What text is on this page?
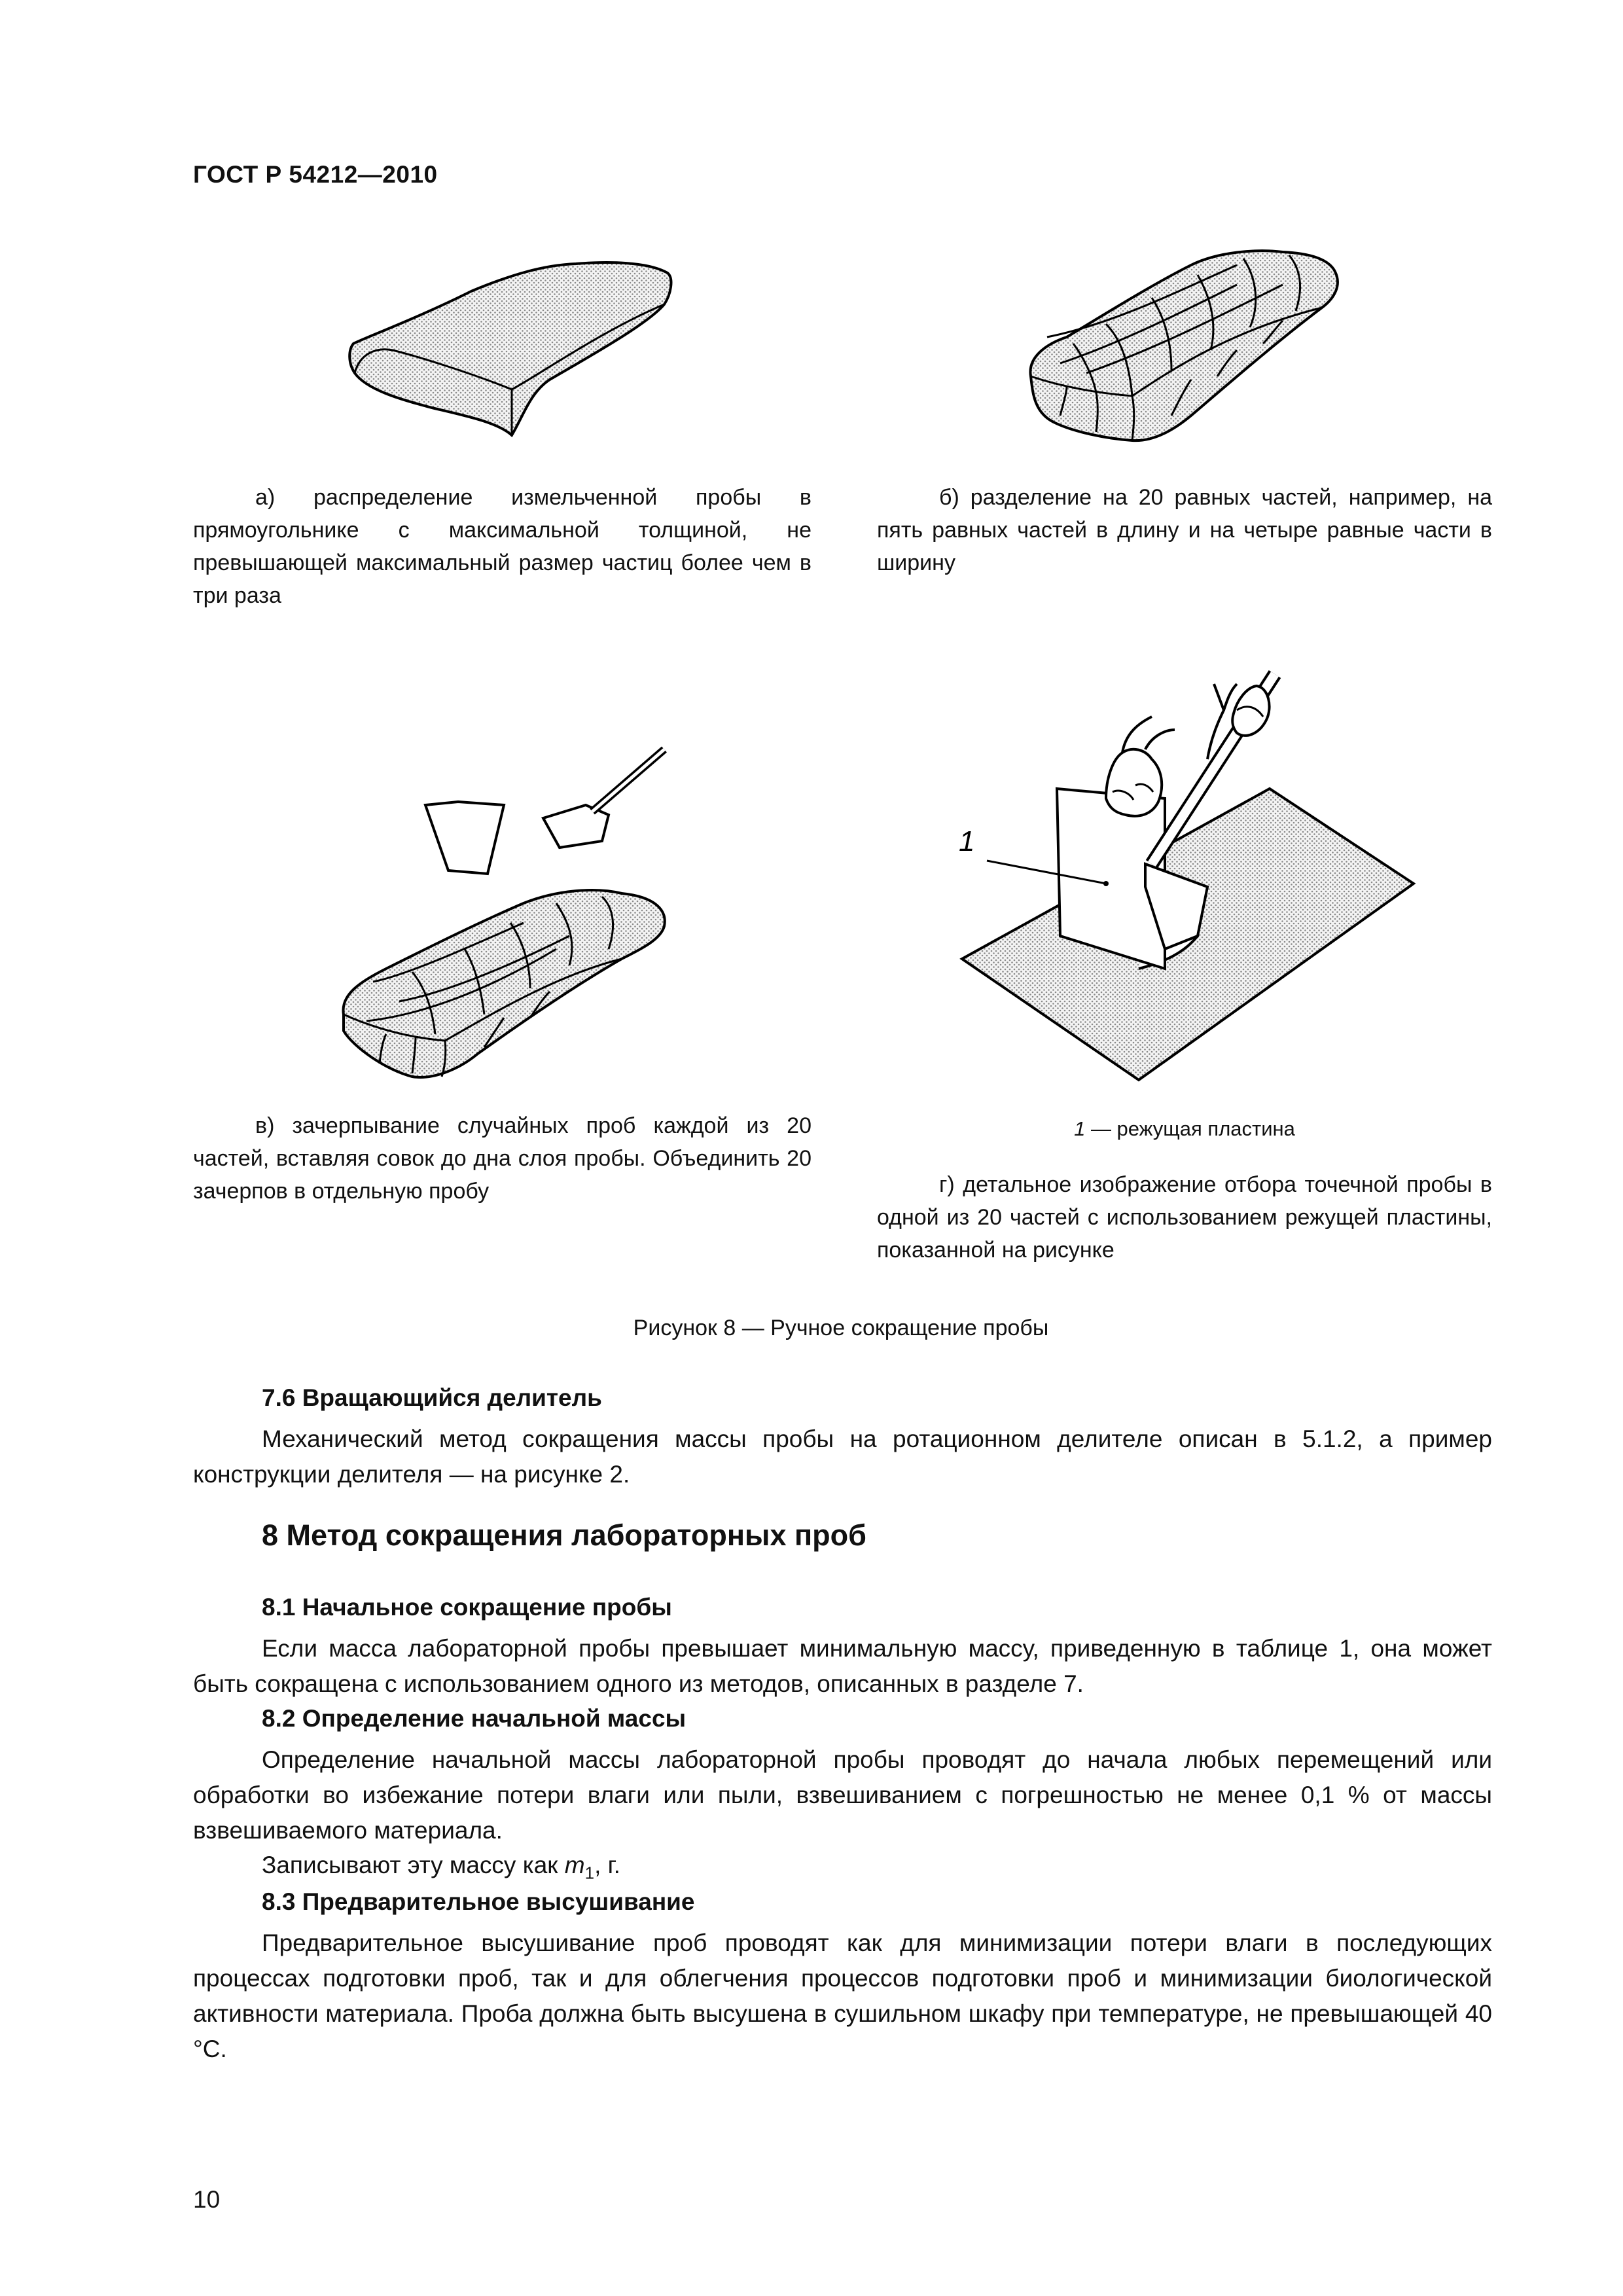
ГОСТ Р 54212—2010
а) распределение измельченной пробы в прямоугольнике с максимальной толщиной, не превышающей максимальный размер частиц более чем в три раза
б) разделение на 20 равных частей, например, на пять равных частей в длину и на четыре равные части в ширину
1
в) зачерпывание случайных проб каждой из 20 частей, вставляя совок до дна слоя пробы. Объединить 20 зачерпов в отдельную пробу
1 — режущая пластина
г) детальное изображение отбора точечной пробы в одной из 20 частей с использованием режущей пластины, показанной на рисунке
Рисунок 8 — Ручное сокращение пробы
7.6 Вращающийся делитель
Механический метод сокращения массы пробы на ротационном делителе описан в 5.1.2, а пример конструкции делителя — на рисунке 2.
8 Метод сокращения лабораторных проб
8.1 Начальное сокращение пробы
Если масса лабораторной пробы превышает минимальную массу, приведенную в таблице 1, она может быть сокращена с использованием одного из методов, описанных в разделе 7.
8.2 Определение начальной массы
Определение начальной массы лабораторной пробы проводят до начала любых перемещений или обработки во избежание потери влаги или пыли, взвешиванием с погрешностью не менее 0,1 % от массы взвешиваемого материала.
Записывают эту массу как $m_1$, г.
8.3 Предварительное высушивание
Предварительное высушивание проб проводят как для минимизации потери влаги в последующих процессах подготовки проб, так и для облегчения процессов подготовки проб и минимизации биологической активности материала. Проба должна быть высушена в сушильном шкафу при температуре, не превышающей 40 °С.
10
